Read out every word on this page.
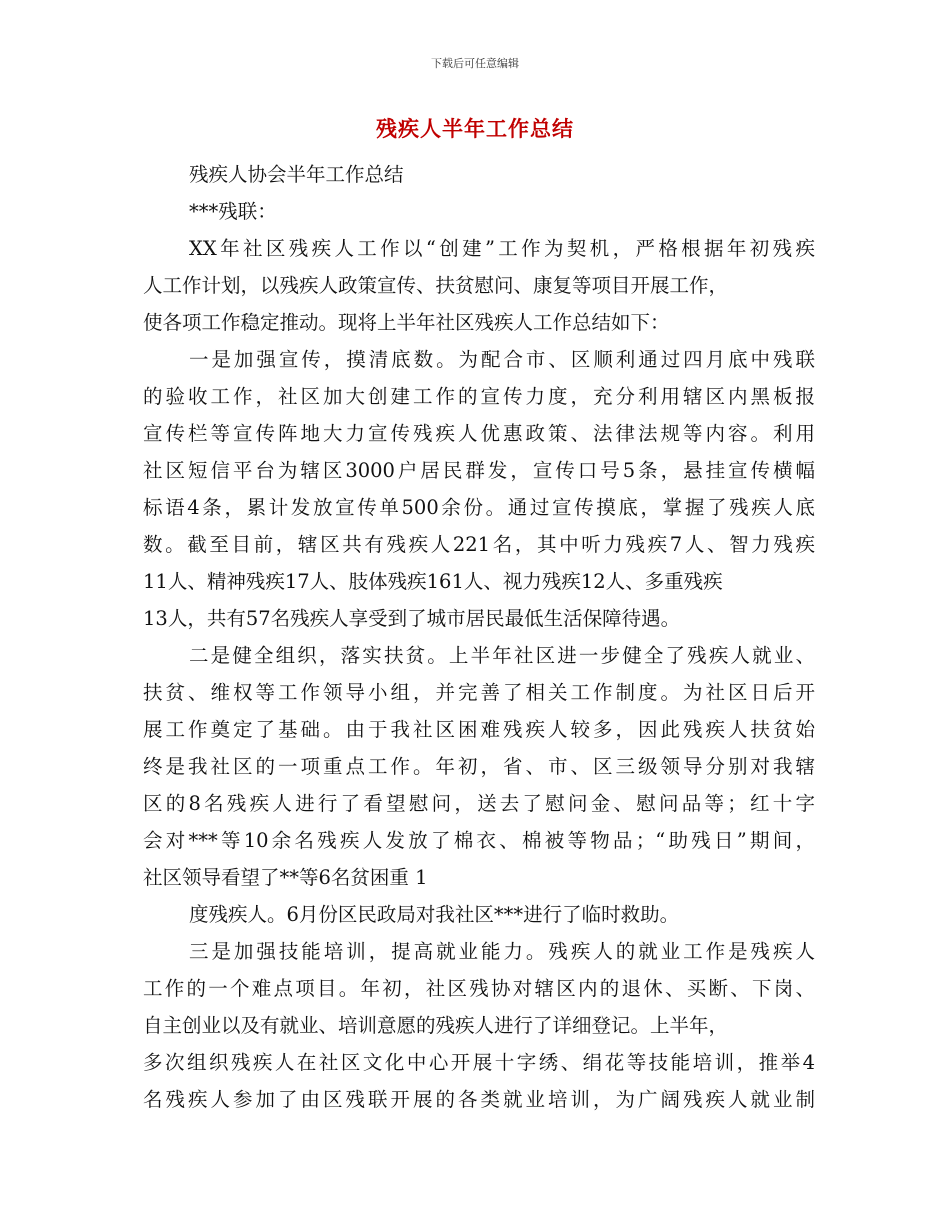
下载后可任意编辑
残疾人半年工作总结
残疾人协会半年工作总结
***残联：
XX年社区残疾人工作以“创建”工作为契机，严格根据年初残疾
人工作计划，以残疾人政策宣传、扶贫慰问、康复等项目开展工作，
使各项工作稳定推动。现将上半年社区残疾人工作总结如下：
一是加强宣传，摸清底数。为配合市、区顺利通过四月底中残联
的验收工作，社区加大创建工作的宣传力度，充分利用辖区内黑板报
宣传栏等宣传阵地大力宣传残疾人优惠政策、法律法规等内容。利用
社区短信平台为辖区3000户居民群发，宣传口号5条，悬挂宣传横幅
标语4条，累计发放宣传单500余份。通过宣传摸底，掌握了残疾人底
数。截至目前，辖区共有残疾人221名，其中听力残疾7人、智力残疾
11人、精神残疾17人、肢体残疾161人、视力残疾12人、多重残疾
13人，共有57名残疾人享受到了城市居民最低生活保障待遇。
二是健全组织，落实扶贫。上半年社区进一步健全了残疾人就业、
扶贫、维权等工作领导小组，并完善了相关工作制度。为社区日后开
展工作奠定了基础。由于我社区困难残疾人较多，因此残疾人扶贫始
终是我社区的一项重点工作。年初，省、市、区三级领导分别对我辖
区的8名残疾人进行了看望慰问，送去了慰问金、慰问品等；红十字
会对***等10余名残疾人发放了棉衣、棉被等物品；“助残日”期间，
社区领导看望了**等6名贫困重 1
度残疾人。6月份区民政局对我社区***进行了临时救助。
三是加强技能培训，提高就业能力。残疾人的就业工作是残疾人
工作的一个难点项目。年初，社区残协对辖区内的退休、买断、下岗、
自主创业以及有就业、培训意愿的残疾人进行了详细登记。上半年，
多次组织残疾人在社区文化中心开展十字绣、绢花等技能培训，推举4
名残疾人参加了由区残联开展的各类就业培训，为广阔残疾人就业制
